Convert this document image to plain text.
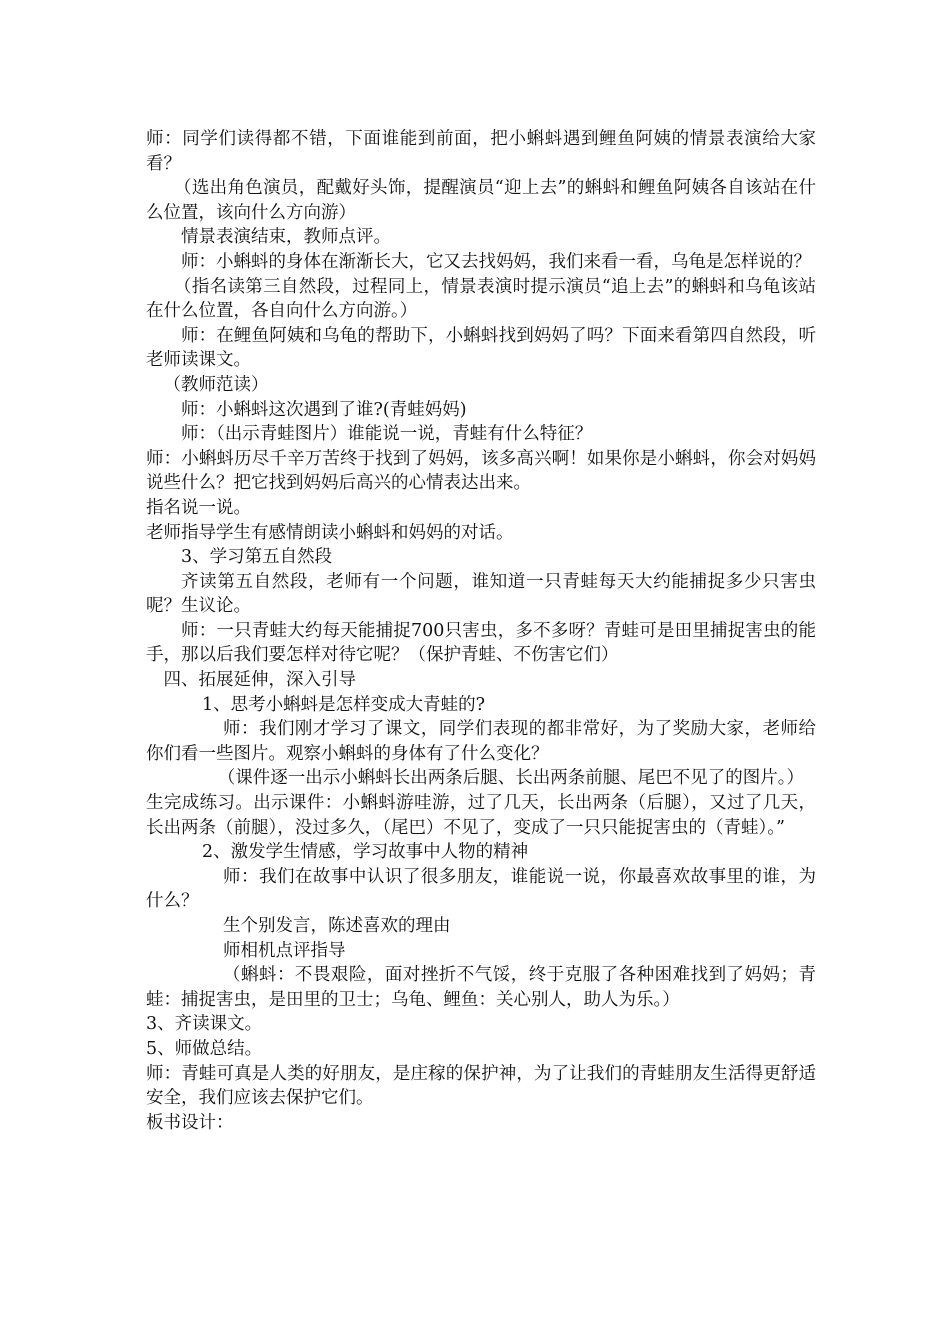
师：同学们读得都不错，下面谁能到前面，把小蝌蚪遇到鲤鱼阿姨的情景表演给大家看？
（选出角色演员，配戴好头饰，提醒演员“迎上去”的蝌蚪和鲤鱼阿姨各自该站在什么位置，该向什么方向游）
情景表演结束，教师点评。
师：小蝌蚪的身体在渐渐长大，它又去找妈妈，我们来看一看，乌龟是怎样说的？
（指名读第三自然段，过程同上，情景表演时提示演员“追上去”的蝌蚪和乌龟该站在什么位置，各自向什么方向游。）
师：在鲤鱼阿姨和乌龟的帮助下，小蝌蚪找到妈妈了吗？下面来看第四自然段，听老师读课文。
（教师范读）
师：小蝌蚪这次遇到了谁?(青蛙妈妈)
师：（出示青蛙图片）谁能说一说，青蛙有什么特征？
师：小蝌蚪历尽千辛万苦终于找到了妈妈，该多高兴啊！如果你是小蝌蚪，你会对妈妈说些什么？把它找到妈妈后高兴的心情表达出来。
指名说一说。
老师指导学生有感情朗读小蝌蚪和妈妈的对话。
3、学习第五自然段
齐读第五自然段，老师有一个问题，谁知道一只青蛙每天大约能捕捉多少只害虫呢？生议论。
师：一只青蛙大约每天能捕捉700只害虫，多不多呀？青蛙可是田里捕捉害虫的能手，那以后我们要怎样对待它呢？（保护青蛙、不伤害它们）
四、拓展延伸，深入引导
1、思考小蝌蚪是怎样变成大青蛙的?
师：我们刚才学习了课文，同学们表现的都非常好，为了奖励大家，老师给你们看一些图片。观察小蝌蚪的身体有了什么变化？
（课件逐一出示小蝌蚪长出两条后腿、长出两条前腿、尾巴不见了的图片。）
生完成练习。出示课件：小蝌蚪游哇游，过了几天，长出两条（后腿），又过了几天，长出两条（前腿），没过多久，（尾巴）不见了，变成了一只只能捉害虫的（青蛙）。”
2、激发学生情感，学习故事中人物的精神
师：我们在故事中认识了很多朋友，谁能说一说，你最喜欢故事里的谁，为什么？
生个别发言，陈述喜欢的理由
师相机点评指导
（蝌蚪：不畏艰险，面对挫折不气馁，终于克服了各种困难找到了妈妈；青蛙：捕捉害虫，是田里的卫士；乌龟、鲤鱼：关心别人，助人为乐。）
3、齐读课文。
5、师做总结。
师：青蛙可真是人类的好朋友，是庄稼的保护神，为了让我们的青蛙朋友生活得更舒适安全，我们应该去保护它们。
板书设计：
